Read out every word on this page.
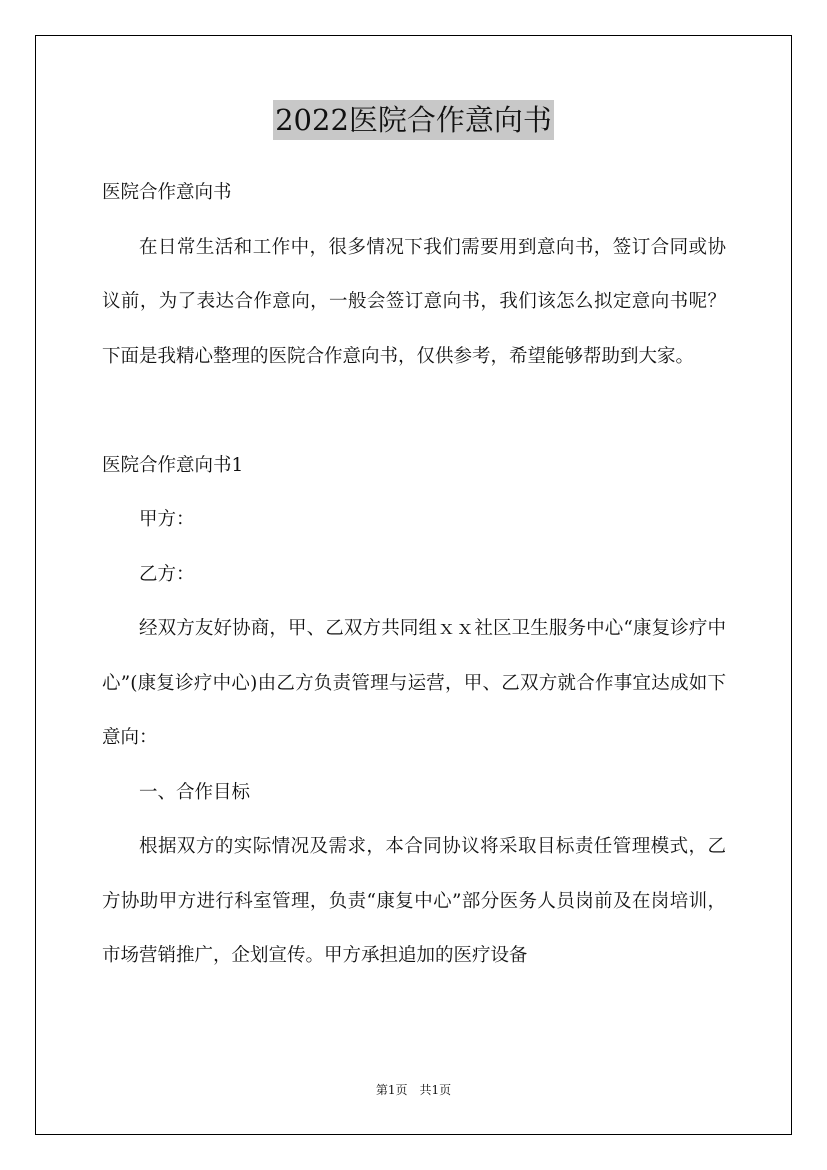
2022医院合作意向书

医院合作意向书

在日常生活和工作中，很多情况下我们需要用到意向书，签订合同或协议前，为了表达合作意向，一般会签订意向书，我们该怎么拟定意向书呢？下面是我精心整理的医院合作意向书，仅供参考，希望能够帮助到大家。

医院合作意向书1

甲方：

乙方：

经双方友好协商，甲、乙双方共同组ｘｘ社区卫生服务中心“康复诊疗中心”(康复诊疗中心)由乙方负责管理与运营，甲、乙双方就合作事宜达成如下意向：

一、合作目标

根据双方的实际情况及需求，本合同协议将采取目标责任管理模式，乙方协助甲方进行科室管理，负责“康复中心”部分医务人员岗前及在岗培训，市场营销推广，企划宣传。甲方承担追加的医疗设备

第1页　共1页
